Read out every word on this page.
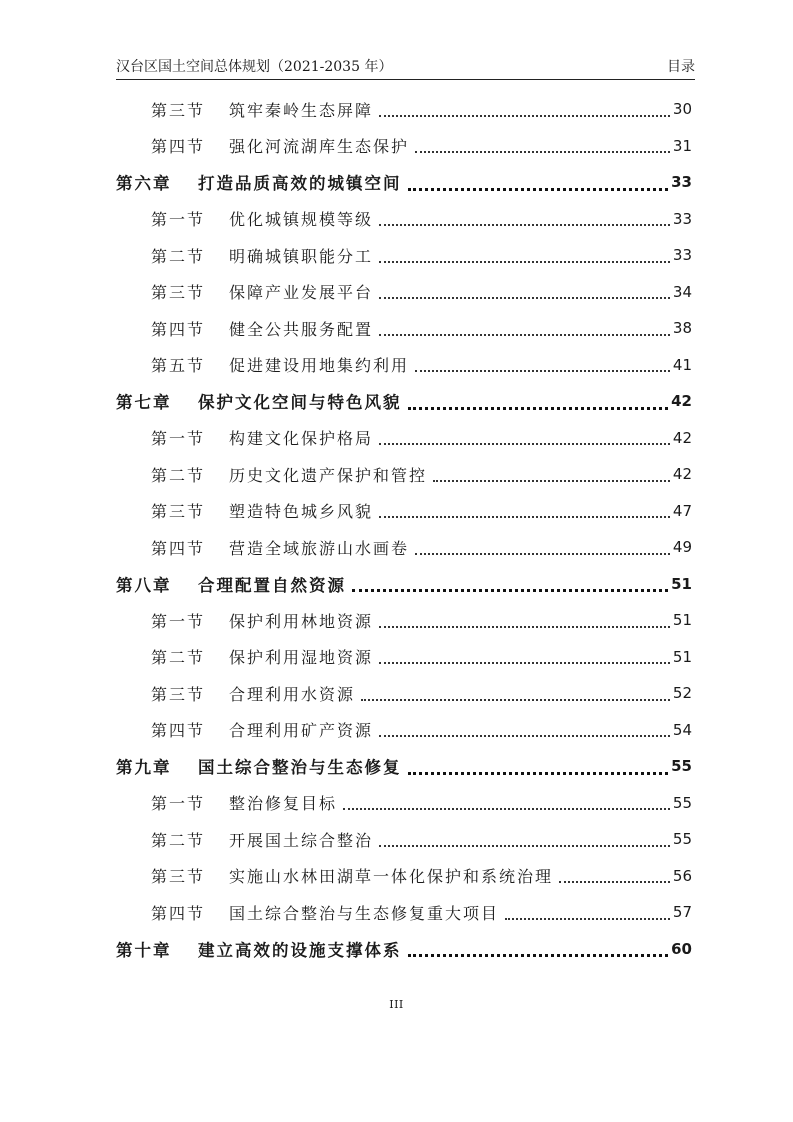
汉台区国土空间总体规划（2021-2035 年）	目录
第三节	筑牢秦岭生态屏障	30
第四节	强化河流湖库生态保护	31
第六章	打造品质高效的城镇空间	33
第一节	优化城镇规模等级	33
第二节	明确城镇职能分工	33
第三节	保障产业发展平台	34
第四节	健全公共服务配置	38
第五节	促进建设用地集约利用	41
第七章	保护文化空间与特色风貌	42
第一节	构建文化保护格局	42
第二节	历史文化遗产保护和管控	42
第三节	塑造特色城乡风貌	47
第四节	营造全域旅游山水画卷	49
第八章	合理配置自然资源	51
第一节	保护利用林地资源	51
第二节	保护利用湿地资源	51
第三节	合理利用水资源	52
第四节	合理利用矿产资源	54
第九章	国土综合整治与生态修复	55
第一节	整治修复目标	55
第二节	开展国土综合整治	55
第三节	实施山水林田湖草一体化保护和系统治理	56
第四节	国土综合整治与生态修复重大项目	57
第十章	建立高效的设施支撑体系	60
III
